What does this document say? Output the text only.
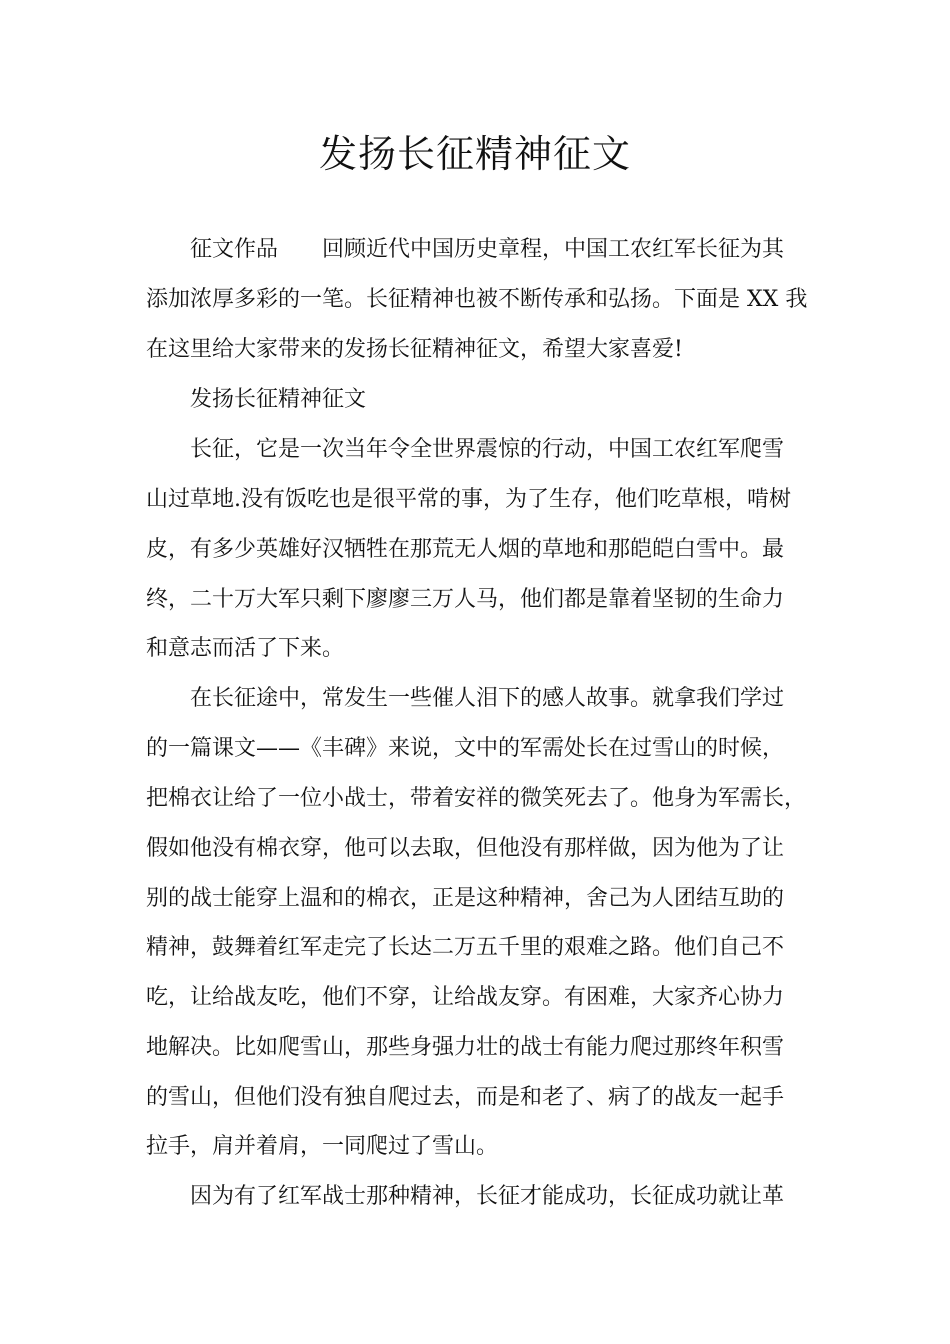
发扬长征精神征文
征文作品　　回顾近代中国历史章程，中国工农红军长征为其
添加浓厚多彩的一笔。长征精神也被不断传承和弘扬。下面是 XX 我
在这里给大家带来的发扬长征精神征文，希望大家喜爱!
发扬长征精神征文
长征，它是一次当年令全世界震惊的行动，中国工农红军爬雪
山过草地.没有饭吃也是很平常的事，为了生存，他们吃草根，啃树
皮，有多少英雄好汉牺牲在那荒无人烟的草地和那皑皑白雪中。最
终，二十万大军只剩下廖廖三万人马，他们都是靠着坚韧的生命力
和意志而活了下来。
在长征途中，常发生一些催人泪下的感人故事。就拿我们学过
的一篇课文——《丰碑》来说，文中的军需处长在过雪山的时候，
把棉衣让给了一位小战士，带着安祥的微笑死去了。他身为军需长，
假如他没有棉衣穿，他可以去取，但他没有那样做，因为他为了让
别的战士能穿上温和的棉衣，正是这种精神，舍己为人团结互助的
精神，鼓舞着红军走完了长达二万五千里的艰难之路。他们自己不
吃，让给战友吃，他们不穿，让给战友穿。有困难，大家齐心协力
地解决。比如爬雪山，那些身强力壮的战士有能力爬过那终年积雪
的雪山，但他们没有独自爬过去，而是和老了、病了的战友一起手
拉手，肩并着肩，一同爬过了雪山。
因为有了红军战士那种精神，长征才能成功，长征成功就让革
